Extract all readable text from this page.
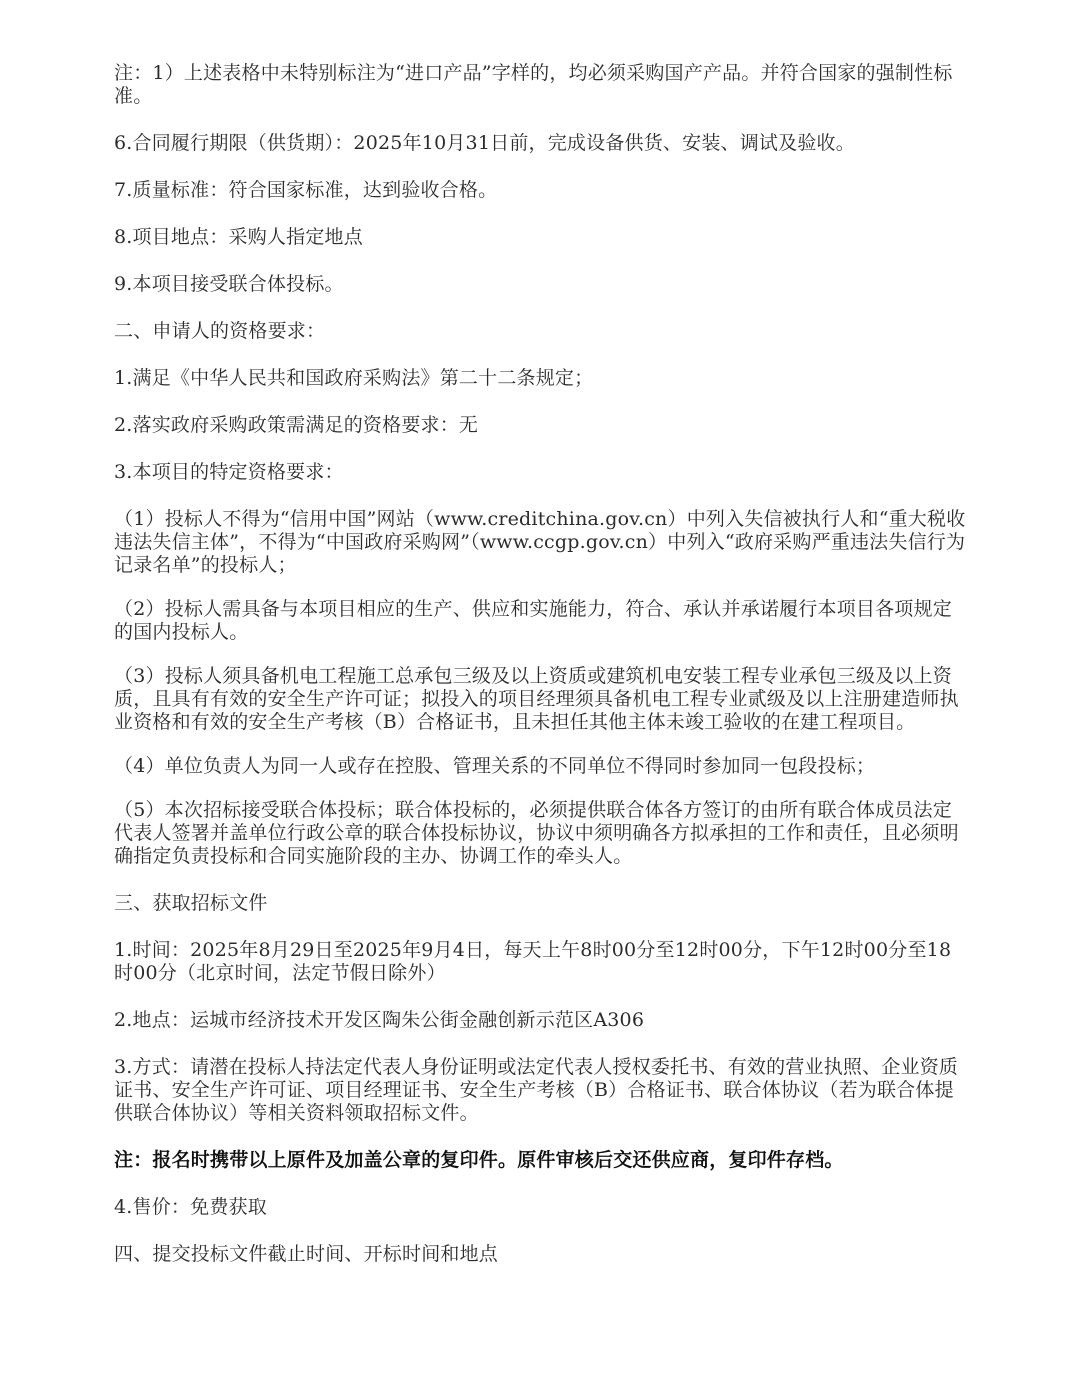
注：1）上述表格中未特别标注为“进口产品”字样的，均必须采购国产产品。并符合国家的强制性标准。

6.合同履行期限（供货期）：2025年10月31日前，完成设备供货、安装、调试及验收。

7.质量标准：符合国家标准，达到验收合格。

8.项目地点：采购人指定地点

9.本项目接受联合体投标。

二、申请人的资格要求：

1.满足《中华人民共和国政府采购法》第二十二条规定；

2.落实政府采购政策需满足的资格要求：无

3.本项目的特定资格要求：

（1）投标人不得为“信用中国”网站（www.creditchina.gov.cn）中列入失信被执行人和“重大税收违法失信主体”，不得为“中国政府采购网”（www.ccgp.gov.cn）中列入“政府采购严重违法失信行为记录名单”的投标人；

（2）投标人需具备与本项目相应的生产、供应和实施能力，符合、承认并承诺履行本项目各项规定的国内投标人。

（3）投标人须具备机电工程施工总承包三级及以上资质或建筑机电安装工程专业承包三级及以上资质，且具有有效的安全生产许可证；拟投入的项目经理须具备机电工程专业贰级及以上注册建造师执业资格和有效的安全生产考核（B）合格证书，且未担任其他主体未竣工验收的在建工程项目。

（4）单位负责人为同一人或存在控股、管理关系的不同单位不得同时参加同一包段投标；

（5）本次招标接受联合体投标；联合体投标的，必须提供联合体各方签订的由所有联合体成员法定代表人签署并盖单位行政公章的联合体投标协议，协议中须明确各方拟承担的工作和责任，且必须明确指定负责投标和合同实施阶段的主办、协调工作的牵头人。

三、获取招标文件

1.时间：2025年8月29日至2025年9月4日，每天上午8时00分至12时00分，下午12时00分至18时00分（北京时间，法定节假日除外）

2.地点：运城市经济技术开发区陶朱公街金融创新示范区A306

3.方式：请潜在投标人持法定代表人身份证明或法定代表人授权委托书、有效的营业执照、企业资质证书、安全生产许可证、项目经理证书、安全生产考核（B）合格证书、联合体协议（若为联合体提供联合体协议）等相关资料领取招标文件。

注：报名时携带以上原件及加盖公章的复印件。原件审核后交还供应商，复印件存档。

4.售价：免费获取

四、提交投标文件截止时间、开标时间和地点
